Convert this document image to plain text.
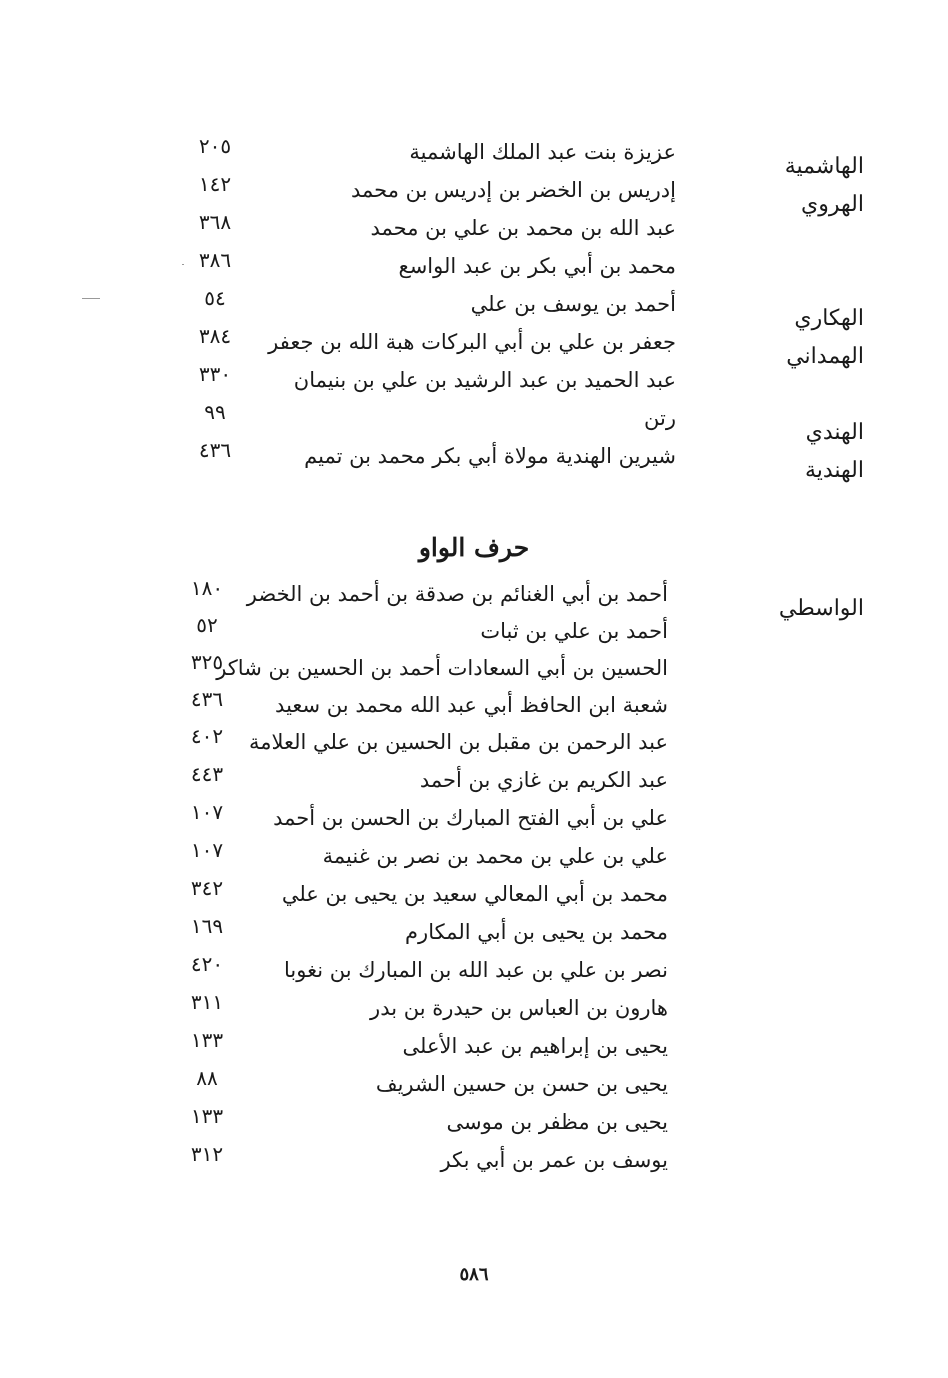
الهاشمية
عزيزة بنت عبد الملك الهاشمية
٢٠٥
الهروي
إدريس بن الخضر بن إدريس بن محمد
١٤٢
عبد الله بن محمد بن علي بن محمد
٣٦٨
محمد بن أبي بكر بن عبد الواسع
٣٨٦
الهكاري
أحمد بن يوسف بن علي
٥٤
الهمداني
جعفر بن علي بن أبي البركات هبة الله بن جعفر
٣٨٤
عبد الحميد بن عبد الرشيد بن علي بن بنيمان
٣٣٠
الهندي
رتن
٩٩
الهندية
شيرين الهندية مولاة أبي بكر محمد بن تميم
٤٣٦
حرف الواو
الواسطي
أحمد بن أبي الغنائم بن صدقة بن أحمد بن الخضر
١٨٠
أحمد بن علي بن ثبات
٥٢
الحسين بن أبي السعادات أحمد بن الحسين بن شاكر
٣٢٥
شعبة ابن الحافظ أبي عبد الله محمد بن سعيد
٤٣٦
عبد الرحمن بن مقبل بن الحسين بن علي العلامة
٤٠٢
عبد الكريم بن غازي بن أحمد
٤٤٣
علي بن أبي الفتح المبارك بن الحسن بن أحمد
١٠٧
علي بن علي بن محمد بن نصر بن غنيمة
١٠٧
محمد بن أبي المعالي سعيد بن يحيى بن علي
٣٤٢
محمد بن يحيى بن أبي المكارم
١٦٩
نصر بن علي بن عبد الله بن المبارك بن نغوبا
٤٢٠
هارون بن العباس بن حيدرة بن بدر
٣١١
يحيى بن إبراهيم بن عبد الأعلى
١٣٣
يحيى بن حسن بن حسين الشريف
٨٨
يحيى بن مظفر بن موسى
١٣٣
يوسف بن عمر بن أبي بكر
٣١٢
٥٨٦
